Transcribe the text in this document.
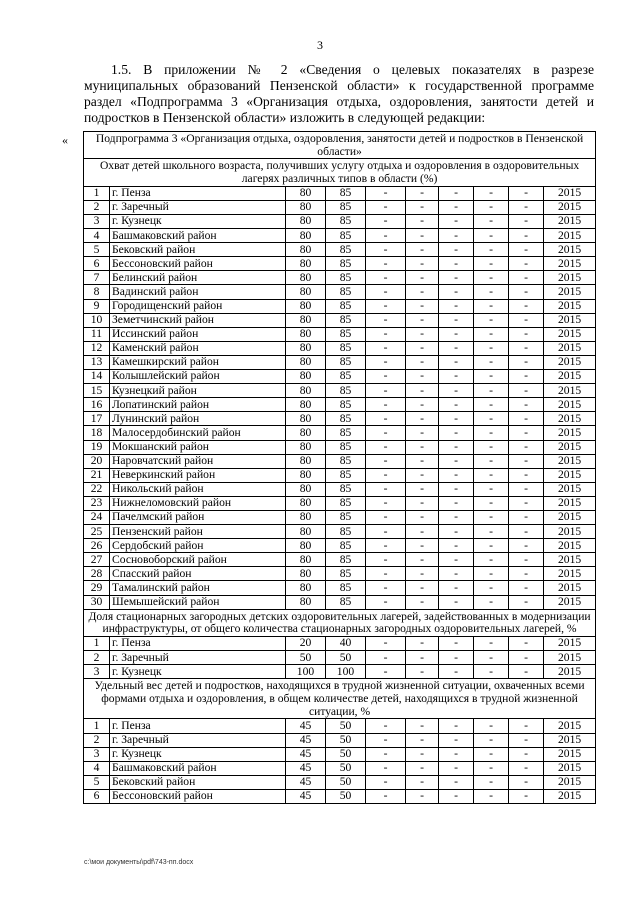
3

1.5. В приложении № 2 «Сведения о целевых показателях в разрезе муниципальных образований Пензенской области» к государственной программе раздел «Подпрограмма 3 «Организация отдыха, оздоровления, занятости детей и подростков в Пензенской области» изложить в следующей редакции:

« Подпрограмма 3 «Организация отдыха, оздоровления, занятости детей и подростков в Пензенской области»									
Охват детей школьного возраста, получивших услугу отдыха и оздоровления в оздоровительных лагерях различных типов в области (%)									
1	г. Пенза	80	85	-	-	-	-	-	2015
2	г. Заречный	80	85	-	-	-	-	-	2015
3	г. Кузнецк	80	85	-	-	-	-	-	2015
4	Башмаковский район	80	85	-	-	-	-	-	2015
5	Бековский район	80	85	-	-	-	-	-	2015
6	Бессоновский район	80	85	-	-	-	-	-	2015
7	Белинский район	80	85	-	-	-	-	-	2015
8	Вадинский район	80	85	-	-	-	-	-	2015
9	Городищенский район	80	85	-	-	-	-	-	2015
10	Земетчинский район	80	85	-	-	-	-	-	2015
11	Иссинский район	80	85	-	-	-	-	-	2015
12	Каменский район	80	85	-	-	-	-	-	2015
13	Камешкирский район	80	85	-	-	-	-	-	2015
14	Колышлейский район	80	85	-	-	-	-	-	2015
15	Кузнецкий район	80	85	-	-	-	-	-	2015
16	Лопатинский район	80	85	-	-	-	-	-	2015
17	Лунинский район	80	85	-	-	-	-	-	2015
18	Малосердобинский район	80	85	-	-	-	-	-	2015
19	Мокшанский район	80	85	-	-	-	-	-	2015
20	Наровчатский район	80	85	-	-	-	-	-	2015
21	Неверкинский район	80	85	-	-	-	-	-	2015
22	Никольский район	80	85	-	-	-	-	-	2015
23	Нижнеломовский район	80	85	-	-	-	-	-	2015
24	Пачелмский район	80	85	-	-	-	-	-	2015
25	Пензенский район	80	85	-	-	-	-	-	2015
26	Сердобский район	80	85	-	-	-	-	-	2015
27	Сосновоборский район	80	85	-	-	-	-	-	2015
28	Спасский район	80	85	-	-	-	-	-	2015
29	Тамалинский район	80	85	-	-	-	-	-	2015
30	Шемышейский район	80	85	-	-	-	-	-	2015
Доля стационарных загородных детских оздоровительных лагерей, задействованных в модернизации инфраструктуры, от общего количества стационарных загородных оздоровительных лагерей, %									
1	г. Пенза	20	40	-	-	-	-	-	2015
2	г. Заречный	50	50	-	-	-	-	-	2015
3	г. Кузнецк	100	100	-	-	-	-	-	2015
Удельный вес детей и подростков, находящихся в трудной жизненной ситуации, охваченных всеми формами отдыха и оздоровления, в общем количестве детей, находящихся в трудной жизненной ситуации, %									
1	г. Пенза	45	50	-	-	-	-	-	2015
2	г. Заречный	45	50	-	-	-	-	-	2015
3	г. Кузнецк	45	50	-	-	-	-	-	2015
4	Башмаковский район	45	50	-	-	-	-	-	2015
5	Бековский район	45	50	-	-	-	-	-	2015
6	Бессоновский район	45	50	-	-	-	-	-	2015
c:\мои документы\pdf\743-пп.docx
